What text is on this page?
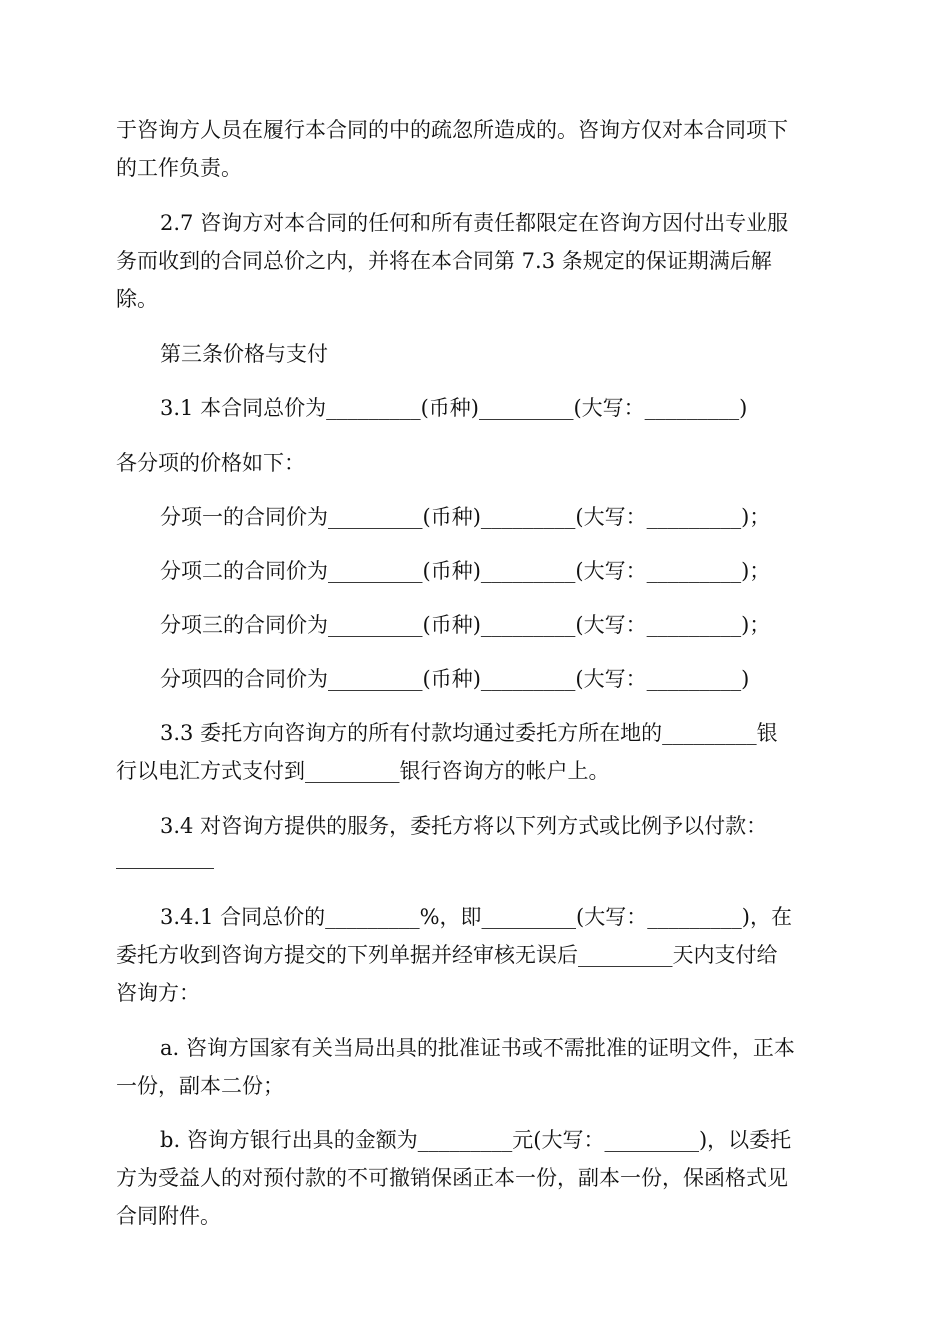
于咨询方人员在履行本合同的中的疏忽所造成的。咨询方仅对本合同项下
的工作负责。
2.7 咨询方对本合同的任何和所有责任都限定在咨询方因付出专业服
务而收到的合同总价之内，并将在本合同第 7.3 条规定的保证期满后解
除。
第三条价格与支付
3.1 本合同总价为_________(币种)_________(大写：_________)
各分项的价格如下：
分项一的合同价为_________(币种)_________(大写：_________)；
分项二的合同价为_________(币种)_________(大写：_________)；
分项三的合同价为_________(币种)_________(大写：_________)；
分项四的合同价为_________(币种)_________(大写：_________)
3.3 委托方向咨询方的所有付款均通过委托方所在地的_________银
行以电汇方式支付到_________银行咨询方的帐户上。
3.4 对咨询方提供的服务，委托方将以下列方式或比例予以付款：
3.4.1 合同总价的_________%，即_________(大写：_________)，在
委托方收到咨询方提交的下列单据并经审核无误后_________天内支付给
咨询方：
a. 咨询方国家有关当局出具的批准证书或不需批准的证明文件，正本
一份，副本二份；
b. 咨询方银行出具的金额为_________元(大写：_________)，以委托
方为受益人的对预付款的不可撤销保函正本一份，副本一份，保函格式见
合同附件。
